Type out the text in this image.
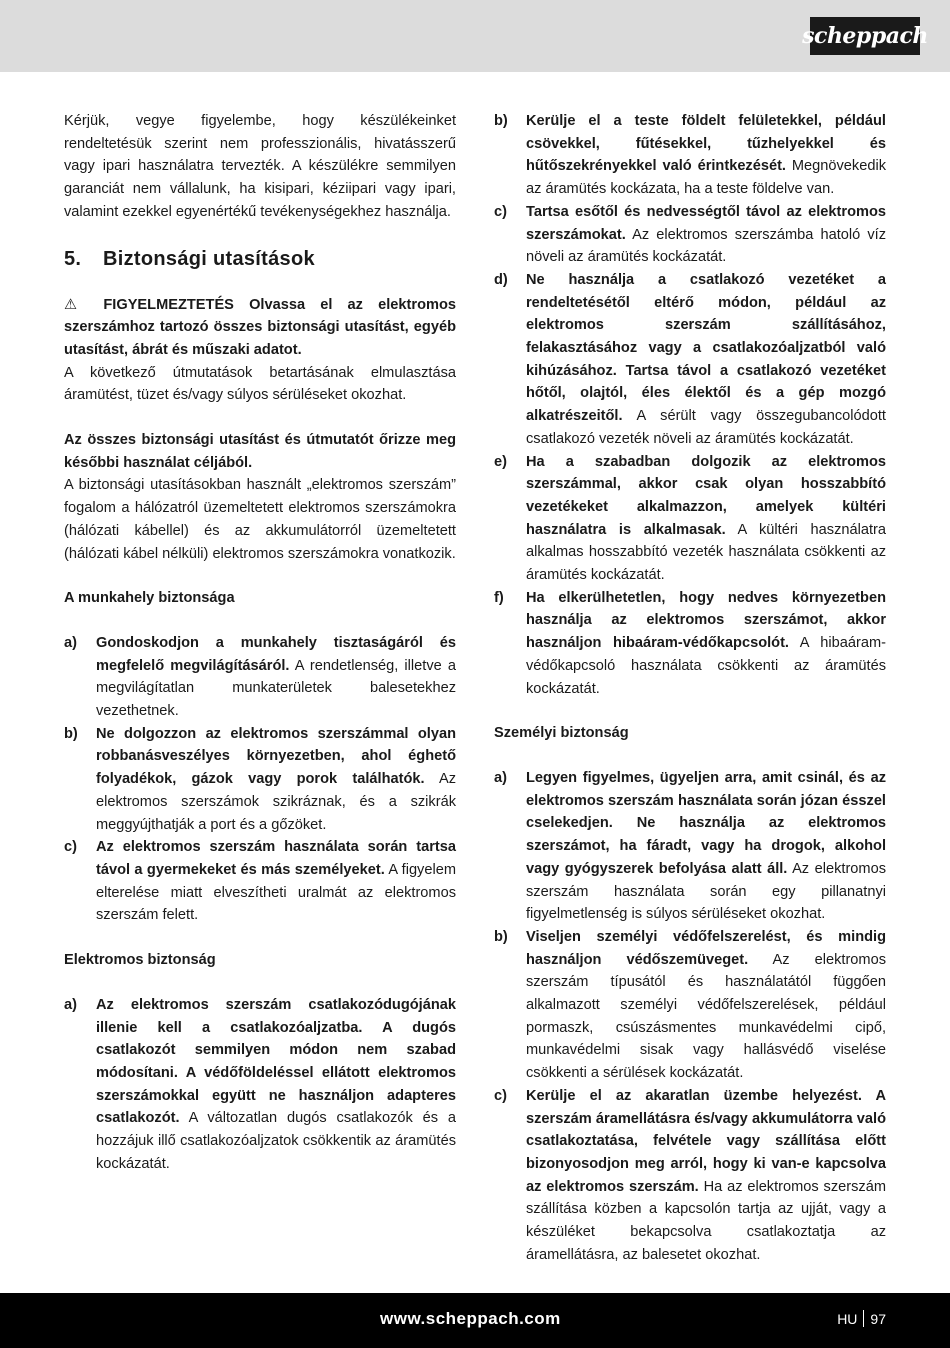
scheppach

Kérjük, vegye figyelembe, hogy készülékeinket rendeltetésük szerint nem professzionális, hivatásszerű vagy ipari használatra tervezték. A készülékre semmilyen garanciát nem vállalunk, ha kisipari, kéziipari vagy ipari, valamint ezekkel egyenértékű tevékenységekhez használja.

5. Biztonsági utasítások

⚠ FIGYELMEZTETÉS Olvassa el az elektromos szerszámhoz tartozó összes biztonsági utasítást, egyéb utasítást, ábrát és műszaki adatot.

A következő útmutatások betartásának elmulasztása áramütést, tüzet és/vagy súlyos sérüléseket okozhat.

Az összes biztonsági utasítást és útmutatót őrizze meg későbbi használat céljából.

A biztonsági utasításokban használt „elektromos szerszám” fogalom a hálózatról üzemeltetett elektromos szerszámokra (hálózati kábellel) és az akkumulátorról üzemeltetett (hálózati kábel nélküli) elektromos szerszámokra vonatkozik.

A munkahely biztonsága

a)	Gondoskodjon a munkahely tisztaságáról és megfelelő megvilágításáról. A rendetlenség, illetve a megvilágítatlan munkaterületek balesetekhez vezethetnek.
b)	Ne dolgozzon az elektromos szerszámmal olyan robbanásveszélyes környezetben, ahol éghető folyadékok, gázok vagy porok találhatók. Az elektromos szerszámok szikráznak, és a szikrák meggyújthatják a port és a gőzöket.
c)	Az elektromos szerszám használata során tartsa távol a gyermekeket és más személyeket. A figyelem elterelése miatt elveszítheti uralmát az elektromos szerszám felett.

Elektromos biztonság

a)	Az elektromos szerszám csatlakozódugójának illenie kell a csatlakozóaljzatba. A dugós csatlakozót semmilyen módon nem szabad módosítani. A védőföldeléssel ellátott elektromos szerszámokkal együtt ne használjon adapteres csatlakozót. A változatlan dugós csatlakozók és a hozzájuk illő csatlakozóaljzatok csökkentik az áramütés kockázatát.
b)	Kerülje el a teste földelt felületekkel, például csövekkel, fűtésekkel, tűzhelyekkel és hűtőszekrényekkel való érintkezését. Megnövekedik az áramütés kockázata, ha a teste földelve van.
c)	Tartsa esőtől és nedvességtől távol az elektromos szerszámokat. Az elektromos szerszámba hatoló víz növeli az áramütés kockázatát.
d)	Ne használja a csatlakozó vezetéket a rendeltetésétől eltérő módon, például az elektromos szerszám szállításához, felakasztásához vagy a csatlakozóaljzatból való kihúzásához. Tartsa távol a csatlakozó vezetéket hőtől, olajtól, éles élektől és a gép mozgó alkatrészeitől. A sérült vagy összegubancolódott csatlakozó vezeték növeli az áramütés kockázatát.
e)	Ha a szabadban dolgozik az elektromos szerszámmal, akkor csak olyan hosszabbító vezetékeket alkalmazzon, amelyek kültéri használatra is alkalmasak. A kültéri használatra alkalmas hosszabbító vezeték használata csökkenti az áramütés kockázatát.
f)	Ha elkerülhetetlen, hogy nedves környezetben használja az elektromos szerszámot, akkor használjon hibaáram-védőkapcsolót. A hibaáram-védőkapcsoló használata csökkenti az áramütés kockázatát.

Személyi biztonság

a)	Legyen figyelmes, ügyeljen arra, amit csinál, és az elektromos szerszám használata során józan ésszel cselekedjen. Ne használja az elektromos szerszámot, ha fáradt, vagy ha drogok, alkohol vagy gyógyszerek befolyása alatt áll. Az elektromos szerszám használata során egy pillanatnyi figyelmetlenség is súlyos sérüléseket okozhat.
b)	Viseljen személyi védőfelszerelést, és mindig használjon védőszemüveget. Az elektromos szerszám típusától és használatától függően alkalmazott személyi védőfelszerelések, például pormaszk, csúszásmentes munkavédelmi cipő, munkavédelmi sisak vagy hallásvédő viselése csökkenti a sérülések kockázatát.
c)	Kerülje el az akaratlan üzembe helyezést. A szerszám áramellátásra és/vagy akkumulátorra való csatlakoztatása, felvétele vagy szállítása előtt bizonyosodjon meg arról, hogy ki van-e kapcsolva az elektromos szerszám. Ha az elektromos szerszám szállítása közben a kapcsolón tartja az ujját, vagy a készüléket bekapcsolva csatlakoztatja az áramellátásra, az balesetet okozhat.
www.scheppach.com	HU 97
